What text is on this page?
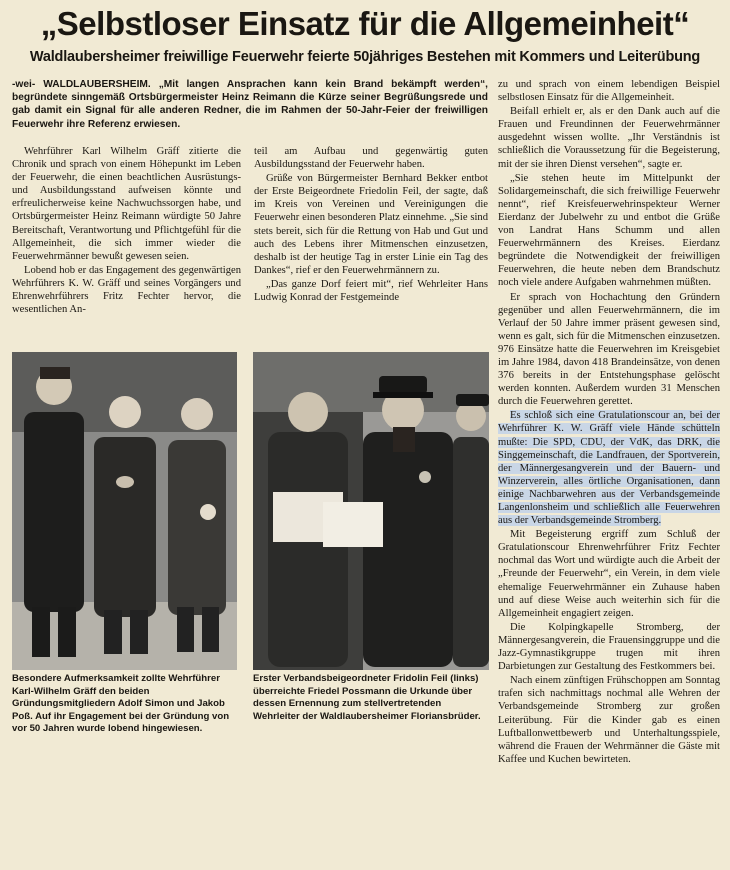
„Selbstloser Einsatz für die Allgemeinheit“
Waldlaubersheimer freiwillige Feuerwehr feierte 50jähriges Bestehen mit Kommers und Leiterübung
-wei- WALDLAUBERSHEIM. „Mit langen Ansprachen kann kein Brand bekämpft werden“, begründete sinngemäß Ortsbürgermeister Heinz Reimann die Kürze seiner Begrüßungsrede und gab damit ein Signal für alle anderen Redner, die im Rahmen der 50-Jahr-Feier der freiwilligen Feuerwehr ihre Referenz erwiesen.

Wehrführer Karl Wilhelm Gräff zitierte die Chronik und sprach von einem Höhepunkt im Leben der Feuerwehr, die einen beachtlichen Ausrüstungs- und Ausbildungsstand aufweisen könnte und erfreulicherweise keine Nachwuchssorgen habe, und Ortsbürgermeister Heinz Reimann würdigte 50 Jahre Bereitschaft, Verantwortung und Pflichtgefühl für die Allgemeinheit, die sich immer wieder die Feuerwehrmänner bewußt gewesen seien.

Lobend hob er das Engagement des gegenwärtigen Wehrführers K. W. Gräff und seines Vorgängers und Ehrenwehrführers Fritz Fechter hervor, die wesentlichen An-

teil am Aufbau und gegenwärtig guten Ausbildungsstand der Feuerwehr haben.

Grüße von Bürgermeister Bernhard Bekker entbot der Erste Beigeordnete Friedolin Feil, der sagte, daß im Kreis von Vereinen und Vereinigungen die Feuerwehr einen besonderen Platz einnehme. „Sie sind stets bereit, sich für die Rettung von Hab und Gut und auch des Lebens ihrer Mitmenschen einzusetzen, deshalb ist der heutige Tag in erster Linie ein Tag des Dankes“, rief er den Feuerwehrmännern zu.

„Das ganze Dorf feiert mit“, rief Wehrleiter Hans Ludwig Konrad der Festgemeinde

zu und sprach von einem lebendigen Beispiel selbstlosen Einsatz für die Allgemeinheit.

Beifall erhielt er, als er den Dank auch auf die Frauen und Freundinnen der Feuerwehrmänner ausgedehnt wissen wollte. „Ihr Verständnis ist schließlich die Voraussetzung für die Begeisterung, mit der sie ihren Dienst versehen“, sagte er.

„Sie stehen heute im Mittelpunkt der Solidargemeinschaft, die sich freiwillige Feuerwehr nennt“, rief Kreisfeuerwehrinspekteur Werner Eierdanz der Jubelwehr zu und entbot die Grüße von Landrat Hans Schumm und allen Feuerwehrmännern des Kreises. Eierdanz begründete die Notwendigkeit der freiwilligen Feuerwehren, die heute neben dem Brandschutz noch viele andere Aufgaben wahrnehmen müßten.

Er sprach von Hochachtung den Gründern gegenüber und allen Feuerwehrmännern, die im Verlauf der 50 Jahre immer präsent gewesen sind, wenn es galt, sich für die Mitmenschen einzusetzen. 976 Einsätze hatte die Feuerwehren im Kreisgebiet im Jahre 1984, davon 418 Brandeinsätze, von denen 376 bereits in der Entstehungsphase gelöscht werden konnten. Außerdem wurden 31 Menschen durch die Feuerwehren gerettet.

Es schloß sich eine Gratulationscour an, bei der Wehrführer K. W. Gräff viele Hände schütteln mußte: Die SPD, CDU, der VdK, das DRK, die Singgemeinschaft, die Landfrauen, der Sportverein, der Männergesangverein und der Bauern- und Winzerverein, alles örtliche Organisationen, dann einige Nachbarwehren aus der Verbandsgemeinde Langenlonsheim und schließlich alle Feuerwehren aus der Verbandsgemeinde Stromberg.

Mit Begeisterung ergriff zum Schluß der Gratulationscour Ehrenwehrführer Fritz Fechter nochmal das Wort und würdigte auch die Arbeit der „Freunde der Feuerwehr“, ein Verein, in dem viele ehemalige Feuerwehrmänner ein Zuhause haben und auf diese Weise auch weiterhin sich für die Allgemeinheit engagiert zeigen.

Die Kolpingkapelle Stromberg, der Männergesangverein, die Frauensinggruppe und die Jazz-Gymnastikgruppe trugen mit ihren Darbietungen zur Gestaltung des Festkommers bei.

Nach einem zünftigen Frühschoppen am Sonntag trafen sich nachmittags nochmal alle Wehren der Verbandsgemeinde Stromberg zur großen Leiterübung. Für die Kinder gab es einen Luftballonwettbewerb und Unterhaltungsspiele, während die Frauen der Wehrmänner die Gäste mit Kaffee und Kuchen bewirteten.

Besondere Aufmerksamkeit zollte Wehrführer Karl-Wilhelm Gräff den beiden Gründungsmitgliedern Adolf Simon und Jakob Poß. Auf ihr Engagement bei der Gründung von vor 50 Jahren wurde lobend hingewiesen.
Erster Verbandsbeigeordneter Fridolin Feil (links) überreichte Friedel Possmann die Urkunde über dessen Ernennung zum stellvertretenden Wehrleiter der Waldlaubersheimer Floriansbrüder.
